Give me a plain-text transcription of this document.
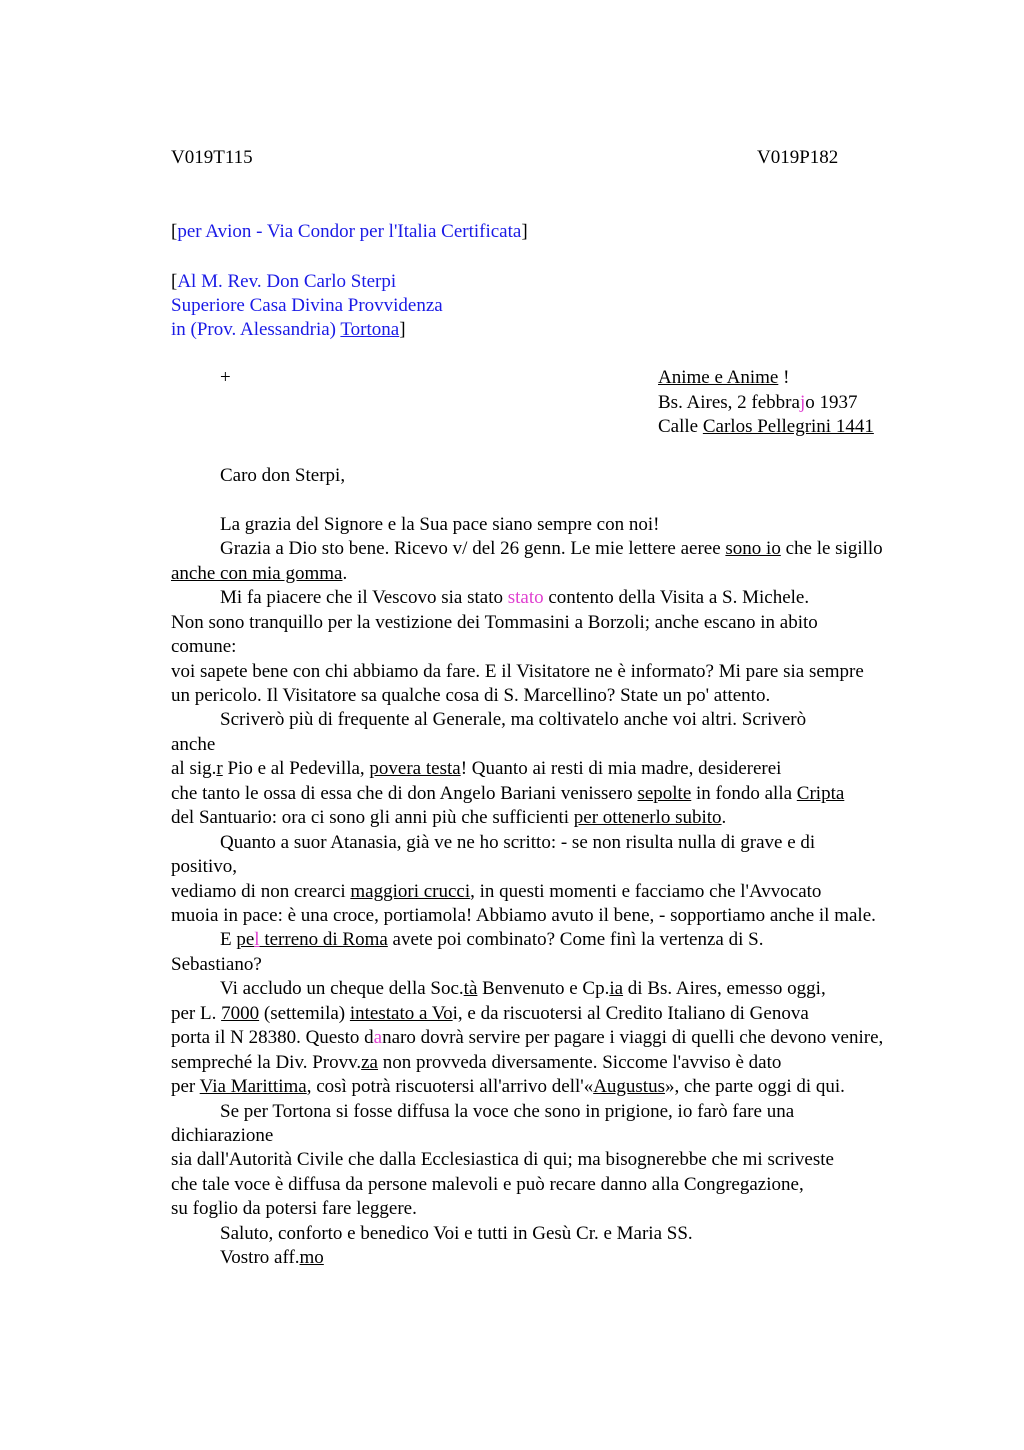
V019T115	V019P182
[per Avion - Via Condor per l'Italia Certificata]
[Al M. Rev. Don Carlo Sterpi
Superiore Casa Divina Provvidenza
in (Prov. Alessandria) Tortona]
+	Anime e Anime !
Bs. Aires, 2 febbrajo 1937
Calle Carlos Pellegrini 1441
Caro don Sterpi,
La grazia del Signore e la Sua pace siano sempre con noi!
Grazia a Dio sto bene. Ricevo v/ del 26 genn. Le mie lettere aeree sono io che le sigillo
anche con mia gomma.
Mi fa piacere che il Vescovo sia stato stato contento della Visita a S. Michele.
Non sono tranquillo per la vestizione dei Tommasini a Borzoli; anche escano in abito
comune:
voi sapete bene con chi abbiamo da fare. E il Visitatore ne è informato? Mi pare sia sempre
un pericolo. Il Visitatore sa qualche cosa di S. Marcellino? State un po' attento.
Scriverò più di frequente al Generale, ma coltivatelo anche voi altri. Scriverò
anche
al sig.r Pio e al Pedevilla, povera testa! Quanto ai resti di mia madre, desidererei
che tanto le ossa di essa che di don Angelo Bariani venissero sepolte in fondo alla Cripta
del Santuario: ora ci sono gli anni più che sufficienti per ottenerlo subito.
Quanto a suor Atanasia, già ve ne ho scritto: - se non risulta nulla di grave e di
positivo,
vediamo di non crearci maggiori crucci, in questi momenti e facciamo che l'Avvocato
muoia in pace: è una croce, portiamola! Abbiamo avuto il bene, - sopportiamo anche il male.
E pel terreno di Roma avete poi combinato? Come finì la vertenza di S.
Sebastiano?
Vi accludo un cheque della Soc.tà Benvenuto e Cp.ia di Bs. Aires, emesso oggi,
per L. 7000 (settemila) intestato a Voi, e da riscuotersi al Credito Italiano di Genova
porta il N 28380. Questo danaro dovrà servire per pagare i viaggi di quelli che devono venire,
sempreché la Div. Provv.za non provveda diversamente. Siccome l'avviso è dato
per Via Marittima, così potrà riscuotersi all'arrivo dell'«Augustus», che parte oggi di qui.
Se per Tortona si fosse diffusa la voce che sono in prigione, io farò fare una
dichiarazione
sia dall'Autorità Civile che dalla Ecclesiastica di qui; ma bisognerebbe che mi scriveste
che tale voce è diffusa da persone malevoli e può recare danno alla Congregazione,
su foglio da potersi fare leggere.
Saluto, conforto e benedico Voi e tutti in Gesù Cr. e Maria SS.
Vostro aff.mo
